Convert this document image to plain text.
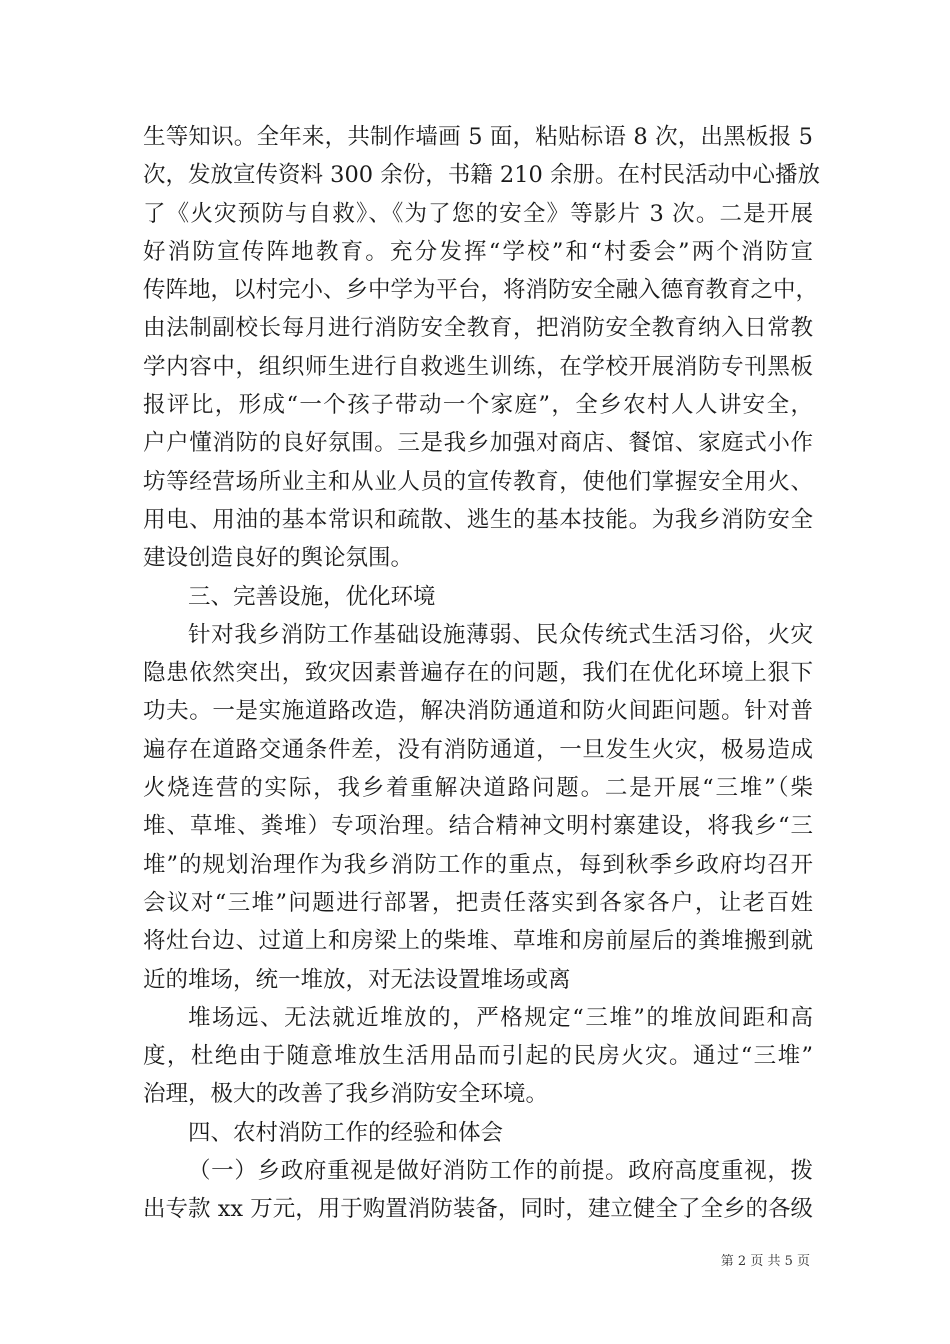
生等知识。全年来，共制作墙画 5 面，粘贴标语 8 次，出黑板报 5
次，发放宣传资料 300 余份，书籍 210 余册。在村民活动中心播放
了《火灾预防与自救》、《为了您的安全》等影片 3 次。二是开展
好消防宣传阵地教育。充分发挥“学校”和“村委会”两个消防宣
传阵地，以村完小、乡中学为平台，将消防安全融入德育教育之中，
由法制副校长每月进行消防安全教育，把消防安全教育纳入日常教
学内容中，组织师生进行自救逃生训练，在学校开展消防专刊黑板
报评比，形成“一个孩子带动一个家庭”，全乡农村人人讲安全，
户户懂消防的良好氛围。三是我乡加强对商店、餐馆、家庭式小作
坊等经营场所业主和从业人员的宣传教育，使他们掌握安全用火、
用电、用油的基本常识和疏散、逃生的基本技能。为我乡消防安全
建设创造良好的舆论氛围。
三、完善设施，优化环境
针对我乡消防工作基础设施薄弱、民众传统式生活习俗，火灾
隐患依然突出，致灾因素普遍存在的问题，我们在优化环境上狠下
功夫。一是实施道路改造，解决消防通道和防火间距问题。针对普
遍存在道路交通条件差，没有消防通道，一旦发生火灾，极易造成
火烧连营的实际，我乡着重解决道路问题。二是开展“三堆”（柴
堆、草堆、粪堆）专项治理。结合精神文明村寨建设，将我乡“三
堆”的规划治理作为我乡消防工作的重点，每到秋季乡政府均召开
会议对“三堆”问题进行部署，把责任落实到各家各户，让老百姓
将灶台边、过道上和房梁上的柴堆、草堆和房前屋后的粪堆搬到就
近的堆场，统一堆放，对无法设置堆场或离
堆场远、无法就近堆放的，严格规定“三堆”的堆放间距和高
度，杜绝由于随意堆放生活用品而引起的民房火灾。通过“三堆”
治理，极大的改善了我乡消防安全环境。
四、农村消防工作的经验和体会
（一）乡政府重视是做好消防工作的前提。政府高度重视，拨
出专款 xx 万元，用于购置消防装备，同时，建立健全了全乡的各级
第 2 页 共 5 页
